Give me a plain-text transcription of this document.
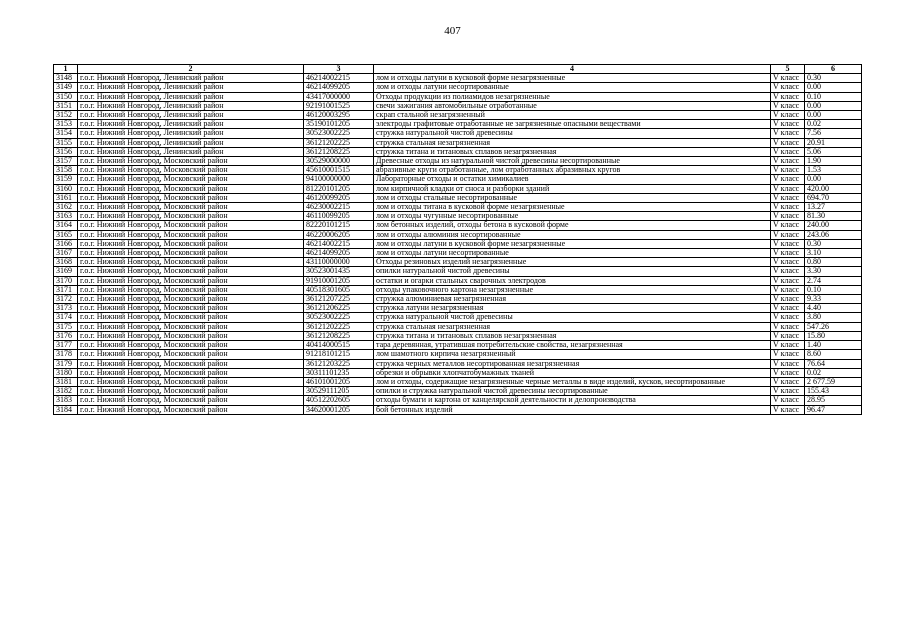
407
1	2	3	4	5	6
3148	г.о.г. Нижний Новгород, Ленинский район	46214002215	лом и отходы латуни в кусковой форме незагрязненные	V класс	0.30
3149	г.о.г. Нижний Новгород, Ленинский район	46214099205	лом и отходы латуни несортированные	V класс	0.00
3150	г.о.г. Нижний Новгород, Ленинский район	43417000000	Отходы продукции из полиамидов незагрязненные	V класс	0.10
3151	г.о.г. Нижний Новгород, Ленинский район	92191001525	свечи зажигания автомобильные отработанные	V класс	0.00
3152	г.о.г. Нижний Новгород, Ленинский район	46120003295	скрап стальной незагрязненный	V класс	0.00
3153	г.о.г. Нижний Новгород, Ленинский район	35190101205	электроды графитовые отработанные не загрязненные опасными веществами	V класс	0.02
3154	г.о.г. Нижний Новгород, Ленинский район	30523002225	стружка натуральной чистой древесины	V класс	7.56
3155	г.о.г. Нижний Новгород, Ленинский район	36121202225	стружка стальная незагрязненная	V класс	20.91
3156	г.о.г. Нижний Новгород, Ленинский район	36121208225	стружка титана и титановых сплавов незагрязненная	V класс	5.06
3157	г.о.г. Нижний Новгород, Московский район	30529000000	Древесные отходы из натуральной чистой древесины несортированные	V класс	1.90
3158	г.о.г. Нижний Новгород, Московский район	45610001515	абразивные круги отработанные, лом отработанных абразивных кругов	V класс	1.53
3159	г.о.г. Нижний Новгород, Московский район	94100000000	Лабораторные отходы и остатки химикалиев	V класс	0.00
3160	г.о.г. Нижний Новгород, Московский район	81220101205	лом кирпичной кладки от сноса и разборки зданий	V класс	420.00
3161	г.о.г. Нижний Новгород, Московский район	46120099205	лом и отходы стальные несортированные	V класс	694.70
3162	г.о.г. Нижний Новгород, Московский район	46230002215	лом и отходы титана в кусковой форме незагрязненные	V класс	13.27
3163	г.о.г. Нижний Новгород, Московский район	46110099205	лом и отходы чугунные несортированные	V класс	81.30
3164	г.о.г. Нижний Новгород, Московский район	82220101215	лом бетонных изделий, отходы бетона в кусковой форме	V класс	240.00
3165	г.о.г. Нижний Новгород, Московский район	46220006205	лом и отходы алюминия несортированные	V класс	243.06
3166	г.о.г. Нижний Новгород, Московский район	46214002215	лом и отходы латуни в кусковой форме незагрязненные	V класс	0.30
3167	г.о.г. Нижний Новгород, Московский район	46214099205	лом и отходы латуни несортированные	V класс	3.10
3168	г.о.г. Нижний Новгород, Московский район	43110000000	Отходы резиновых изделий незагрязненные	V класс	0.80
3169	г.о.г. Нижний Новгород, Московский район	30523001435	опилки натуральной чистой древесины	V класс	3.30
3170	г.о.г. Нижний Новгород, Московский район	91910001205	остатки и огарки стальных сварочных электродов	V класс	2.74
3171	г.о.г. Нижний Новгород, Московский район	40518301605	отходы упаковочного картона незагрязненные	V класс	0.10
3172	г.о.г. Нижний Новгород, Московский район	36121207225	стружка алюминиевая незагрязненная	V класс	9.33
3173	г.о.г. Нижний Новгород, Московский район	36121206225	стружка латуни незагрязненная	V класс	4.40
3174	г.о.г. Нижний Новгород, Московский район	30523002225	стружка натуральной чистой древесины	V класс	3.80
3175	г.о.г. Нижний Новгород, Московский район	36121202225	стружка стальная незагрязненная	V класс	547.26
3176	г.о.г. Нижний Новгород, Московский район	36121208225	стружка титана и титановых сплавов незагрязненная	V класс	15.80
3177	г.о.г. Нижний Новгород, Московский район	40414000515	тара деревянная, утратившая потребительские свойства, незагрязненная	V класс	1.40
3178	г.о.г. Нижний Новгород, Московский район	91218101215	лом шамотного кирпича незагрязненный	V класс	8.60
3179	г.о.г. Нижний Новгород, Московский район	36121203225	стружка черных металлов несортированная незагрязненная	V класс	76.64
3180	г.о.г. Нижний Новгород, Московский район	30311101235	обрезки и обрывки хлопчатобумажных тканей	V класс	0.02
3181	г.о.г. Нижний Новгород, Московский район	46101001205	лом и отходы, содержащие незагрязненные черные металлы в виде изделий, кусков, несортированные	V класс	2 677.59
3182	г.о.г. Нижний Новгород, Московский район	30529111205	опилки и стружка натуральной чистой древесины несортированные	V класс	155.43
3183	г.о.г. Нижний Новгород, Московский район	40512202605	отходы бумаги и картона от канцелярской деятельности и делопроизводства	V класс	28.95
3184	г.о.г. Нижний Новгород, Московский район	34620001205	бой бетонных изделий	V класс	96.47
